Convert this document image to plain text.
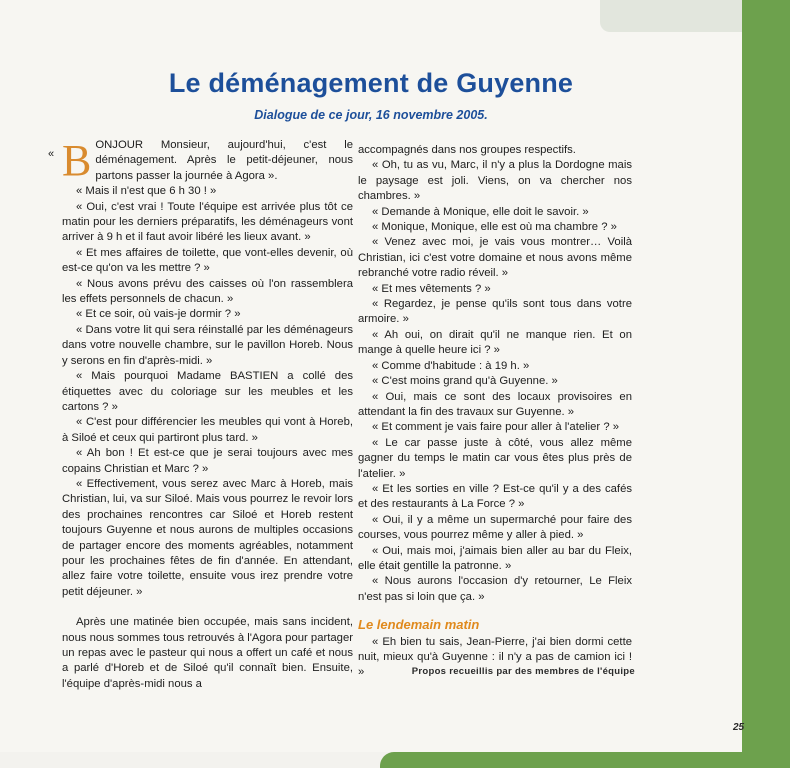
Le déménagement de Guyenne
Dialogue de ce jour, 16 novembre 2005.
« BONJOUR Monsieur, aujourd'hui, c'est le déménagement. Après le petit-déjeuner, nous partons passer la journée à Agora ».

« Mais il n'est que 6 h 30 ! »

« Oui, c'est vrai ! Toute l'équipe est arrivée plus tôt ce matin pour les derniers préparatifs, les déménageurs vont arriver à 9 h et il faut avoir libéré les lieux avant. »

« Et mes affaires de toilette, que vont-elles devenir, où est-ce qu'on va les mettre ? »

« Nous avons prévu des caisses où l'on rassemblera les effets personnels de chacun. »

« Et ce soir, où vais-je dormir ? »

« Dans votre lit qui sera réinstallé par les déménageurs dans votre nouvelle chambre, sur le pavillon Horeb. Nous y serons en fin d'après-midi. »

« Mais pourquoi Madame BASTIEN a collé des étiquettes avec du coloriage sur les meubles et les cartons ? »

« C'est pour différencier les meubles qui vont à Horeb, à Siloé et ceux qui partiront plus tard. »

« Ah bon ! Et est-ce que je serai toujours avec mes copains Christian et Marc ? »

« Effectivement, vous serez avec Marc à Horeb, mais Christian, lui, va sur Siloé. Mais vous pourrez le revoir lors des prochaines rencontres car Siloé et Horeb restent toujours Guyenne et nous aurons de multiples occasions de partager encore des moments agréables, notamment pour les prochaines fêtes de fin d'année. En attendant, allez faire votre toilette, ensuite vous irez prendre votre petit déjeuner. »

Après une matinée bien occupée, mais sans incident, nous nous sommes tous retrouvés à l'Agora pour partager un repas avec le pasteur qui nous a offert un café et nous a parlé d'Horeb et de Siloé qu'il connaît bien. Ensuite, l'équipe d'après-midi nous a

accompagnés dans nos groupes respectifs.

« Oh, tu as vu, Marc, il n'y a plus la Dordogne mais le paysage est joli. Viens, on va chercher nos chambres. »

« Demande à Monique, elle doit le savoir. »

« Monique, Monique, elle est où ma chambre ? »

« Venez avec moi, je vais vous montrer… Voilà Christian, ici c'est votre domaine et nous avons même rebranché votre radio réveil. »

« Et mes vêtements ? »

« Regardez, je pense qu'ils sont tous dans votre armoire. »

« Ah oui, on dirait qu'il ne manque rien. Et on mange à quelle heure ici ? »

« Comme d'habitude : à 19 h. »

« C'est moins grand qu'à Guyenne. »

« Oui, mais ce sont des locaux provisoires en attendant la fin des travaux sur Guyenne. »

« Et comment je vais faire pour aller à l'atelier ? »

« Le car passe juste à côté, vous allez même gagner du temps le matin car vous êtes plus près de l'atelier. »

« Et les sorties en ville ? Est-ce qu'il y a des cafés et des restaurants à La Force ? »

« Oui, il y a même un supermarché pour faire des courses, vous pourrez même y aller à pied. »

« Oui, mais moi, j'aimais bien aller au bar du Fleix, elle était gentille la patronne. »

« Nous aurons l'occasion d'y retourner, Le Fleix n'est pas si loin que ça. »

Le lendemain matin

« Eh bien tu sais, Jean-Pierre, j'ai bien dormi cette nuit, mieux qu'à Guyenne : il n'y a pas de camion ici ! »	Propos recueillis par des membres de l'équipe
25
